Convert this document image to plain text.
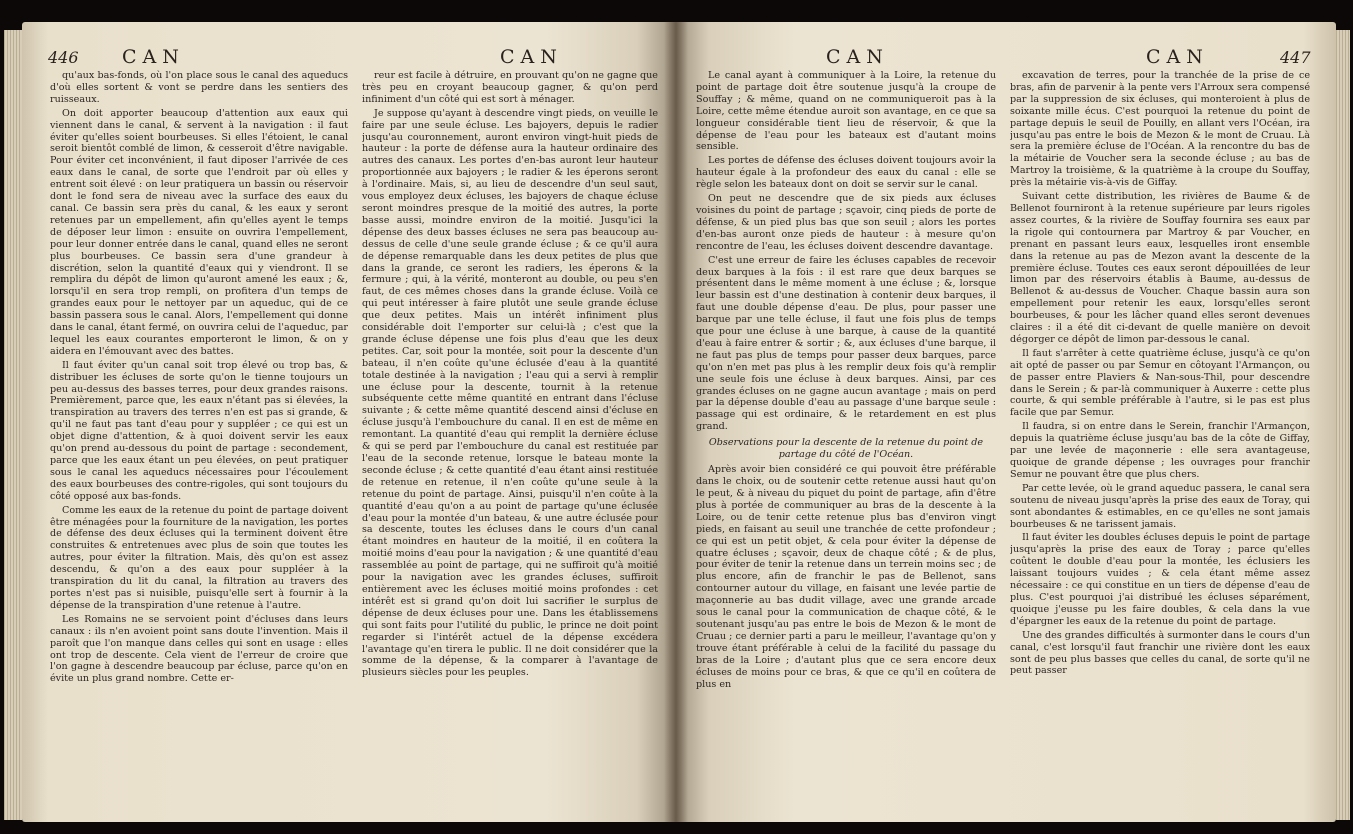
446 CAN	CAN

qu'aux bas-fonds, où l'on place sous le canal des aqueducs d'où elles sortent & vont se perdre dans les sentiers des ruisseaux.

On doit apporter beaucoup d'attention aux eaux qui viennent dans le canal, & servent à la navigation : il faut éviter qu'elles soient bourbeuses. Si elles l'étoient, le canal seroit bientôt comblé de limon, & cesseroit d'être navigable. Pour éviter cet inconvénient, il faut diposer l'arrivée de ces eaux dans le canal, de sorte que l'endroit par où elles y entrent soit élevé : on leur pratiquera un bassin ou réservoir dont le fond sera de niveau avec la surface des eaux du canal. Ce bassin sera près du canal, & les eaux y seront retenues par un empellement, afin qu'elles ayent le temps de déposer leur limon : ensuite on ouvrira l'empellement, pour leur donner entrée dans le canal, quand elles ne seront plus bourbeuses. Ce bassin sera d'une grandeur à discrétion, selon la quantité d'eaux qui y viendront. Il se remplira du dépôt de limon qu'auront amené les eaux ; &, lorsqu'il en sera trop rempli, on profitera d'un temps de grandes eaux pour le nettoyer par un aqueduc, qui de ce bassin passera sous le canal. Alors, l'empellement qui donne dans le canal, étant fermé, on ouvrira celui de l'aqueduc, par lequel les eaux courantes emporteront le limon, & on y aidera en l'émouvant avec des battes.

Il faut éviter qu'un canal soit trop élevé ou trop bas, & distribuer les écluses de sorte qu'on le tienne toujours un peu au-dessus des basses terres, pour deux grandes raisons. Premièrement, parce que, les eaux n'étant pas si élevées, la transpiration au travers des terres n'en est pas si grande, & qu'il ne faut pas tant d'eau pour y suppléer ; ce qui est un objet digne d'attention, & à quoi doivent servir les eaux qu'on prend au-dessous du point de partage : secondement, parce que les eaux étant un peu élevées, on peut pratiquer sous le canal les aqueducs nécessaires pour l'écoulement des eaux bourbeuses des contre-rigoles, qui sont toujours du côté opposé aux bas-fonds.

Comme les eaux de la retenue du point de partage doivent être ménagées pour la fourniture de la navigation, les portes de défense des deux écluses qui la terminent doivent être construites & entretenues avec plus de soin que toutes les autres, pour éviter la filtration. Mais, dès qu'on est assez descendu, & qu'on a des eaux pour suppléer à la transpiration du lit du canal, la filtration au travers des portes n'est pas si nuisible, puisqu'elle sert à fournir à la dépense de la transpiration d'une retenue à l'autre.

Les Romains ne se servoient point d'écluses dans leurs canaux : ils n'en avoient point sans doute l'invention. Mais il paroît que l'on manque dans celles qui sont en usage : elles ont trop de descente. Cela vient de l'erreur de croire que l'on gagne à descendre beaucoup par écluse, parce qu'on en évite un plus grand nombre. Cette er-

reur est facile à détruire, en prouvant qu'on ne gagne que très peu en croyant beaucoup gagner, & qu'on perd infiniment d'un côté qui est sort à ménager.

Je suppose qu'ayant à descendre vingt pieds, on veuille le faire par une seule écluse. Les bajoyers, depuis le radier jusqu'au couronnement, auront environ vingt-huit pieds de hauteur : la porte de défense aura la hauteur ordinaire des autres des canaux. Les portes d'en-bas auront leur hauteur proportionnée aux bajoyers ; le radier & les éperons seront à l'ordinaire. Mais, si, au lieu de descendre d'un seul saut, vous employez deux écluses, les bajoyers de chaque écluse seront moindres presque de la moitié des autres, la porte basse aussi, moindre environ de la moitié. Jusqu'ici la dépense des deux basses écluses ne sera pas beaucoup au-dessus de celle d'une seule grande écluse ; & ce qu'il aura de dépense remarquable dans les deux petites de plus que dans la grande, ce seront les radiers, les éperons & la fermure ; qui, à la vérité, monteront au double, ou peu s'en faut, de ces mêmes choses dans la grande écluse. Voilà ce qui peut intéresser à faire plutôt une seule grande écluse que deux petites. Mais un intérêt infiniment plus considérable doit l'emporter sur celui-là ; c'est que la grande écluse dépense une fois plus d'eau que les deux petites. Car, soit pour la montée, soit pour la descente d'un bateau, il n'en coûte qu'une éclusée d'eau à la quantité totale destinée à la navigation ; l'eau qui a servi à remplir une écluse pour la descente, tournit à la retenue subséquente cette même quantité en entrant dans l'écluse suivante ; & cette même quantité descend ainsi d'écluse en écluse jusqu'à l'embouchure du canal. Il en est de même en remontant. La quantité d'eau qui remplit la dernière écluse & qui se perd par l'embouchure du canal est restituée par l'eau de la seconde retenue, lorsque le bateau monte la seconde écluse ; & cette quantité d'eau étant ainsi restituée de retenue en retenue, il n'en coûte qu'une seule à la retenue du point de partage. Ainsi, puisqu'il n'en coûte à la quantité d'eau qu'on a au point de partage qu'une éclusée d'eau pour la montée d'un bateau, & une autre éclusée pour sa descente, toutes les écluses dans le cours d'un canal étant moindres en hauteur de la moitié, il en coûtera la moitié moins d'eau pour la navigation ; & une quantité d'eau rassemblée au point de partage, qui ne suffiroit qu'à moitié pour la navigation avec les grandes écluses, suffiroit entièrement avec les écluses moitié moins profondes : cet intérêt est si grand qu'on doit lui sacrifier le surplus de dépense de deux écluses pour une. Dans les établissemens qui sont faits pour l'utilité du public, le prince ne doit point regarder si l'intérêt actuel de la dépense excédera l'avantage qu'en tirera le public. Il ne doit considérer que la somme de la dépense, & la comparer à l'avantage de plusieurs siècles pour les peuples.

CAN	CAN	447

Le canal ayant à communiquer à la Loire, la retenue du point de partage doit être soutenue jusqu'à la croupe de Souffay ; & même, quand on ne communiqueroit pas à la Loire, cette même étendue auroit son avantage, en ce que sa longueur considérable tient lieu de réservoir, & que la dépense de l'eau pour les bateaux est d'autant moins sensible.

Les portes de défense des écluses doivent toujours avoir la hauteur égale à la profondeur des eaux du canal : elle se règle selon les bateaux dont on doit se servir sur le canal.

On peut ne descendre que de six pieds aux écluses voisines du point de partage ; sçavoir, cinq pieds de porte de défense, & un pied plus bas que son seuil ; alors les portes d'en-bas auront onze pieds de hauteur : à mesure qu'on rencontre de l'eau, les écluses doivent descendre davantage.

C'est une erreur de faire les écluses capables de recevoir deux barques à la fois : il est rare que deux barques se présentent dans le même moment à une écluse ; &, lorsque leur bassin est d'une destination à contenir deux barques, il faut une double dépense d'eau. De plus, pour passer une barque par une telle écluse, il faut une fois plus de temps que pour une écluse à une barque, à cause de la quantité d'eau à faire entrer & sortir ; &, aux écluses d'une barque, il ne faut pas plus de temps pour passer deux barques, parce qu'on n'en met pas plus à les remplir deux fois qu'à remplir une seule fois une écluse à deux barques. Ainsi, par ces grandes écluses on ne gagne aucun avantage ; mais on perd par la dépense double d'eau au passage d'une barque seule : passage qui est ordinaire, & le retardement en est plus grand.

Observations pour la descente de la retenue du point de partage du côté de l'Océan.

Après avoir bien considéré ce qui pouvoit être préférable dans le choix, ou de soutenir cette retenue aussi haut qu'on le peut, & à niveau du piquet du point de partage, afin d'être plus à portée de communiquer au bras de la descente à la Loire, ou de tenir cette retenue plus bas d'environ vingt pieds, en faisant au seuil une tranchée de cette profondeur ; ce qui est un petit objet, & cela pour éviter la dépense de quatre écluses ; sçavoir, deux de chaque côté ; & de plus, pour éviter de tenir la retenue dans un terrein moins sec ; de plus encore, afin de franchir le pas de Bellenot, sans contourner autour du village, en faisant une levée partie de maçonnerie au bas dudit village, avec une grande arcade sous le canal pour la communication de chaque côté, & le soutenant jusqu'au pas entre le bois de Mezon & le mont de Cruau ; ce dernier parti a paru le meilleur, l'avantage qu'on y trouve étant préférable à celui de la facilité du passage du bras de la Loire ; d'autant plus que ce sera encore deux écluses de moins pour ce bras, & que ce qu'il en coûtera de plus en

excavation de terres, pour la tranchée de la prise de ce bras, afin de parvenir à la pente vers l'Arroux sera compensé par la suppression de six écluses, qui monteroient à plus de soixante mille écus. C'est pourquoi la retenue du point de partage depuis le seuil de Pouilly, en allant vers l'Océan, ira jusqu'au pas entre le bois de Mezon & le mont de Cruau. Là sera la première écluse de l'Océan. A la rencontre du bas de la métairie de Voucher sera la seconde écluse ; au bas de Martroy la troisième, & la quatrième à la croupe du Souffay, près la métairie vis-à-vis de Giffay.

Suivant cette distribution, les rivières de Baume & de Bellenot fourniront à la retenue supérieure par leurs rigoles assez courtes, & la rivière de Souffay fournira ses eaux par la rigole qui contournera par Martroy & par Voucher, en prenant en passant leurs eaux, lesquelles iront ensemble dans la retenue au pas de Mezon avant la descente de la première écluse. Toutes ces eaux seront dépouillées de leur limon par des réservoirs établis à Baume, au-dessus de Bellenot & au-dessus de Voucher. Chaque bassin aura son empellement pour retenir les eaux, lorsqu'elles seront bourbeuses, & pour les lâcher quand elles seront devenues claires : il a été dit ci-devant de quelle manière on devoit dégorger ce dépôt de limon par-dessous le canal.

Il faut s'arrêter à cette quatrième écluse, jusqu'à ce qu'on ait opté de passer ou par Semur en côtoyant l'Armançon, ou de passer entre Plaviers & Nan-sous-Thil, pour descendre dans le Serein ; & par-là communiquer à Auxerre : cette plus courte, & qui semble préférable à l'autre, si le pas est plus facile que par Semur.

Il faudra, si on entre dans le Serein, franchir l'Armançon, depuis la quatrième écluse jusqu'au bas de la côte de Giffay, par une levée de maçonnerie : elle sera avantageuse, quoique de grande dépense ; les ouvrages pour franchir Semur ne pouvant être que plus chers.

Par cette levée, où le grand aqueduc passera, le canal sera soutenu de niveau jusqu'après la prise des eaux de Toray, qui sont abondantes & estimables, en ce qu'elles ne sont jamais bourbeuses & ne tarissent jamais.

Il faut éviter les doubles écluses depuis le point de partage jusqu'après la prise des eaux de Toray ; parce qu'elles coûtent le double d'eau pour la montée, les éclusiers les laissant toujours vuides ; & cela étant même assez nécessaire : ce qui constitue en un tiers de dépense d'eau de plus. C'est pourquoi j'ai distribué les écluses séparément, quoique j'eusse pu les faire doubles, & cela dans la vue d'épargner les eaux de la retenue du point de partage.

Une des grandes difficultés à surmonter dans le cours d'un canal, c'est lorsqu'il faut franchir une rivière dont les eaux sont de peu plus basses que celles du canal, de sorte qu'il ne peut passer
